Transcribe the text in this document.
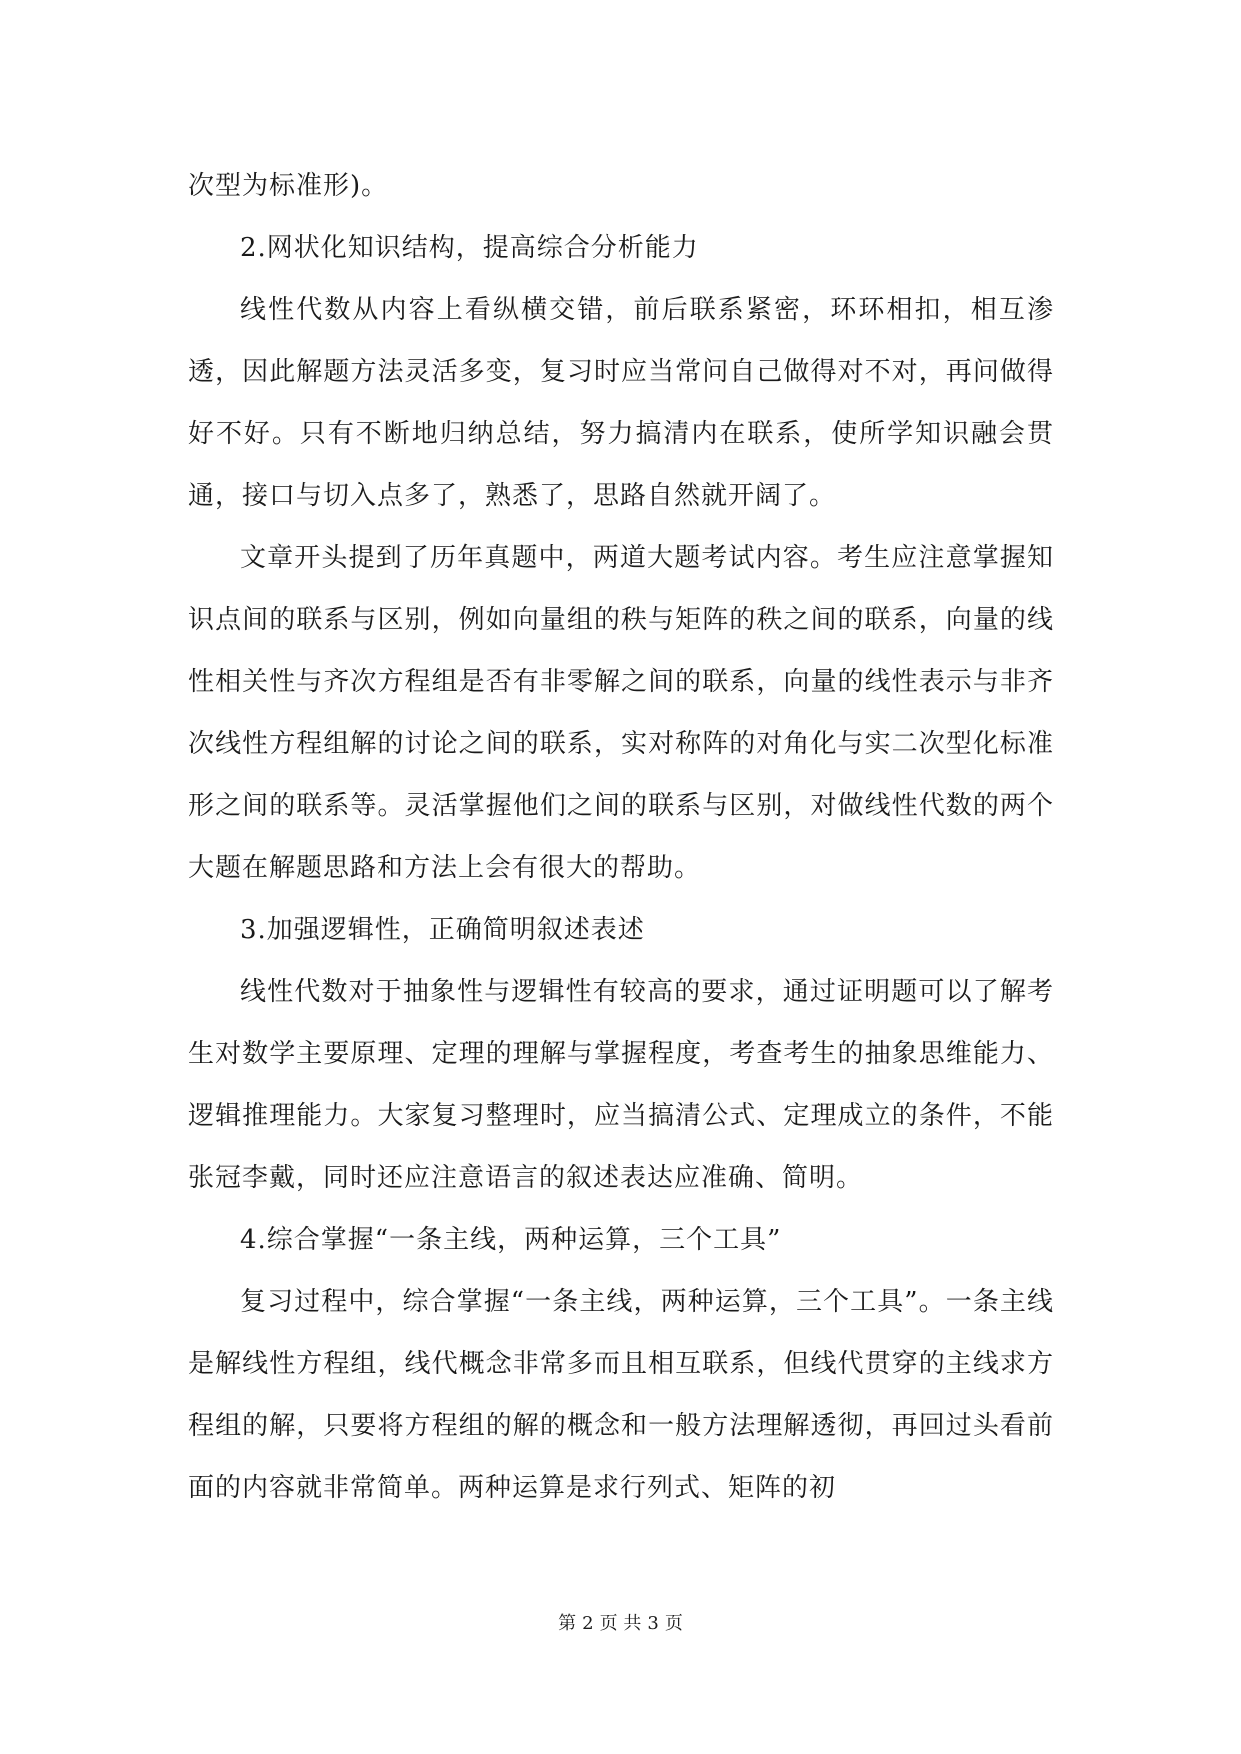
次型为标准形)。

2.网状化知识结构，提高综合分析能力

线性代数从内容上看纵横交错，前后联系紧密，环环相扣，相互渗透，因此解题方法灵活多变，复习时应当常问自己做得对不对，再问做得好不好。只有不断地归纳总结，努力搞清内在联系，使所学知识融会贯通，接口与切入点多了，熟悉了，思路自然就开阔了。

文章开头提到了历年真题中，两道大题考试内容。考生应注意掌握知识点间的联系与区别，例如向量组的秩与矩阵的秩之间的联系，向量的线性相关性与齐次方程组是否有非零解之间的联系，向量的线性表示与非齐次线性方程组解的讨论之间的联系，实对称阵的对角化与实二次型化标准形之间的联系等。灵活掌握他们之间的联系与区别，对做线性代数的两个大题在解题思路和方法上会有很大的帮助。

3.加强逻辑性，正确简明叙述表述

线性代数对于抽象性与逻辑性有较高的要求，通过证明题可以了解考生对数学主要原理、定理的理解与掌握程度，考查考生的抽象思维能力、逻辑推理能力。大家复习整理时，应当搞清公式、定理成立的条件，不能张冠李戴，同时还应注意语言的叙述表达应准确、简明。

4.综合掌握“一条主线，两种运算，三个工具”

复习过程中，综合掌握“一条主线，两种运算，三个工具”。一条主线是解线性方程组，线代概念非常多而且相互联系，但线代贯穿的主线求方程组的解，只要将方程组的解的概念和一般方法理解透彻，再回过头看前面的内容就非常简单。两种运算是求行列式、矩阵的初

第 2 页 共 3 页
